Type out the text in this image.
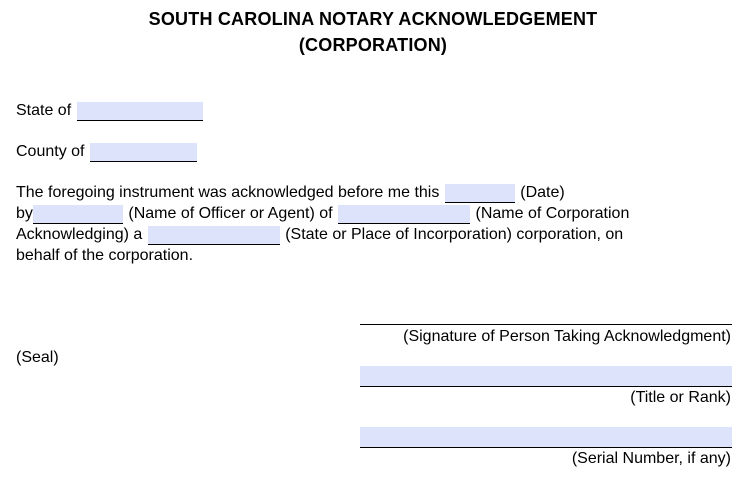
SOUTH CAROLINA NOTARY ACKNOWLEDGEMENT
(CORPORATION)
State of
County of
The foregoing instrument was acknowledged before me this	(Date)
by	(Name of Officer or Agent) of	(Name of Corporation
Acknowledging) a	(State or Place of Incorporation) corporation, on
behalf of the corporation.
(Seal)
(Signature of Person Taking Acknowledgment)
(Title or Rank)
(Serial Number, if any)
